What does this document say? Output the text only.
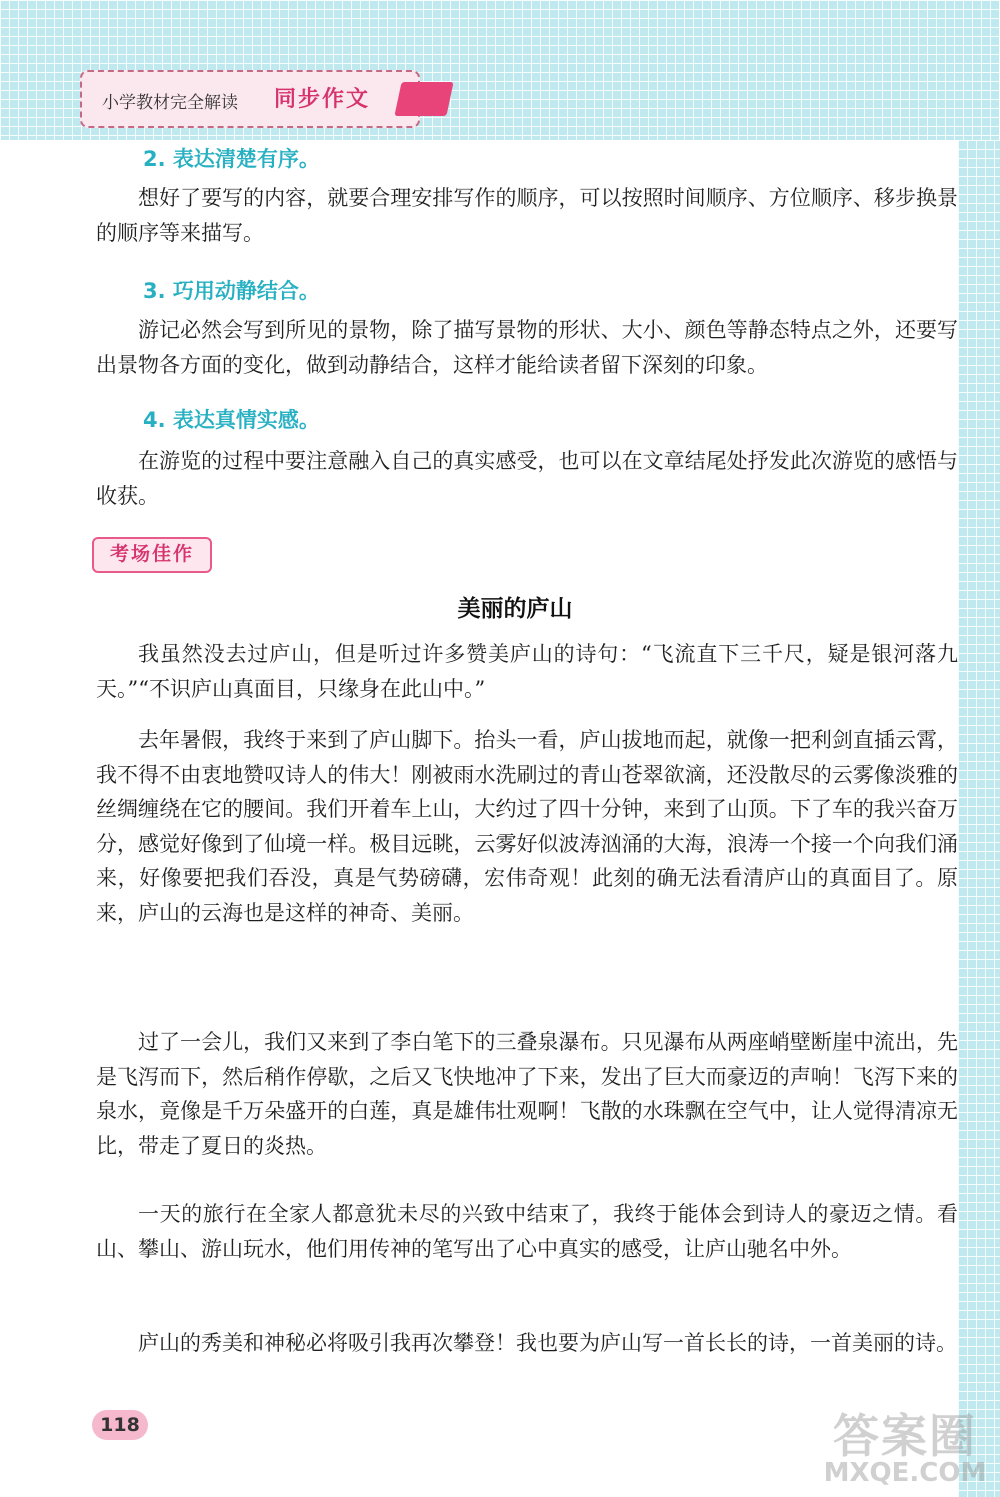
小学教材完全解读 同步作文
2. 表达清楚有序。

想好了要写的内容，就要合理安排写作的顺序，可以按照时间顺序、方位顺序、移步换景的顺序等来描写。

3. 巧用动静结合。

游记必然会写到所见的景物，除了描写景物的形状、大小、颜色等静态特点之外，还要写出景物各方面的变化，做到动静结合，这样才能给读者留下深刻的印象。

4. 表达真情实感。

在游览的过程中要注意融入自己的真实感受，也可以在文章结尾处抒发此次游览的感悟与收获。

考场佳作
美丽的庐山

我虽然没去过庐山，但是听过许多赞美庐山的诗句：“飞流直下三千尺，疑是银河落九天。”“不识庐山真面目，只缘身在此山中。”

去年暑假，我终于来到了庐山脚下。抬头一看，庐山拔地而起，就像一把利剑直插云霄，我不得不由衷地赞叹诗人的伟大！刚被雨水洗刷过的青山苍翠欲滴，还没散尽的云雾像淡雅的丝绸缠绕在它的腰间。我们开着车上山，大约过了四十分钟，来到了山顶。下了车的我兴奋万分，感觉好像到了仙境一样。极目远眺，云雾好似波涛汹涌的大海，浪涛一个接一个向我们涌来，好像要把我们吞没，真是气势磅礴，宏伟奇观！此刻的确无法看清庐山的真面目了。原来，庐山的云海也是这样的神奇、美丽。

过了一会儿，我们又来到了李白笔下的三叠泉瀑布。只见瀑布从两座峭壁断崖中流出，先是飞泻而下，然后稍作停歇，之后又飞快地冲了下来，发出了巨大而豪迈的声响！飞泻下来的泉水，竟像是千万朵盛开的白莲，真是雄伟壮观啊！飞散的水珠飘在空气中，让人觉得清凉无比，带走了夏日的炎热。

一天的旅行在全家人都意犹未尽的兴致中结束了，我终于能体会到诗人的豪迈之情。看山、攀山、游山玩水，他们用传神的笔写出了心中真实的感受，让庐山驰名中外。

庐山的秀美和神秘必将吸引我再次攀登！我也要为庐山写一首长长的诗，一首美丽的诗。

118	答案圈
MXQE.COM
